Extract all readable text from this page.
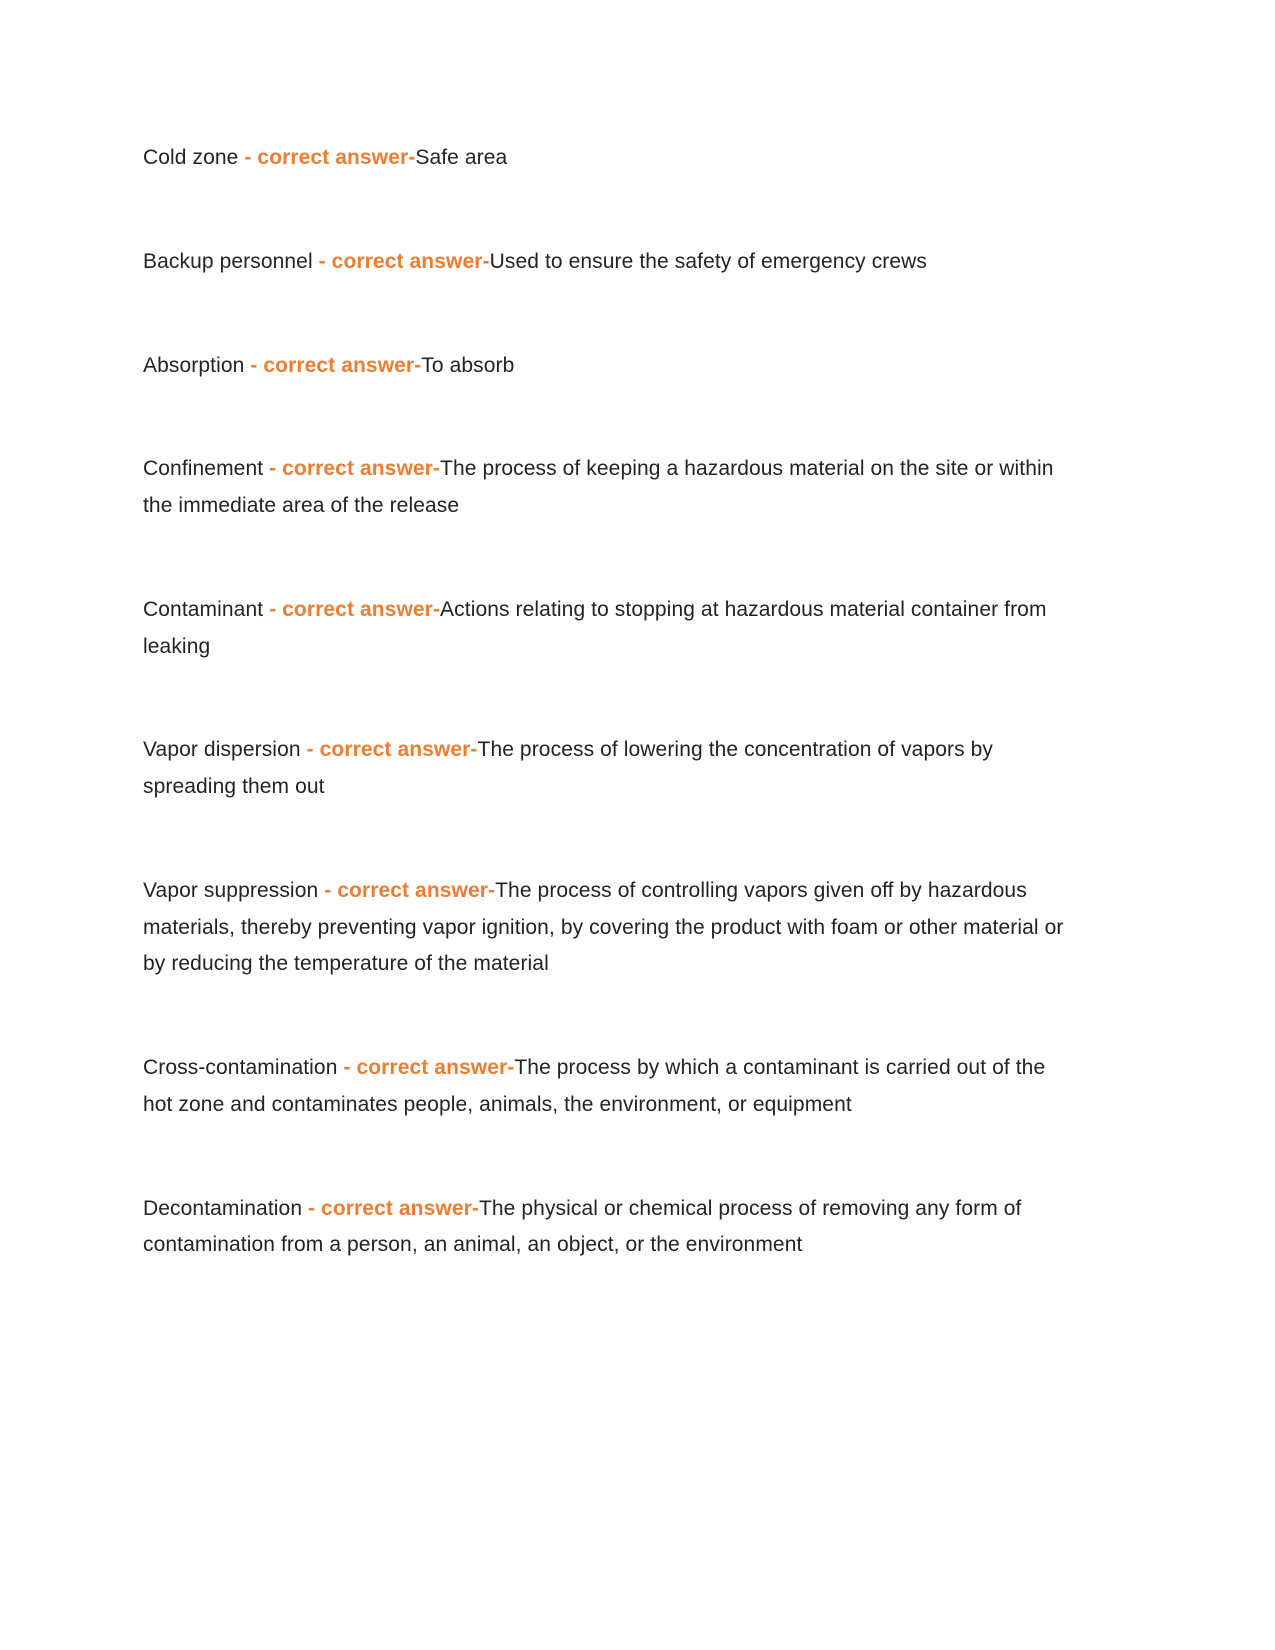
Cold zone - correct answer-Safe area

Backup personnel - correct answer-Used to ensure the safety of emergency crews

Absorption - correct answer-To absorb

Confinement - correct answer-The process of keeping a hazardous material on the site or within the immediate area of the release

Contaminant - correct answer-Actions relating to stopping at hazardous material container from leaking

Vapor dispersion - correct answer-The process of lowering the concentration of vapors by spreading them out

Vapor suppression - correct answer-The process of controlling vapors given off by hazardous materials, thereby preventing vapor ignition, by covering the product with foam or other material or by reducing the temperature of the material

Cross-contamination - correct answer-The process by which a contaminant is carried out of the hot zone and contaminates people, animals, the environment, or equipment

Decontamination - correct answer-The physical or chemical process of removing any form of contamination from a person, an animal, an object, or the environment
